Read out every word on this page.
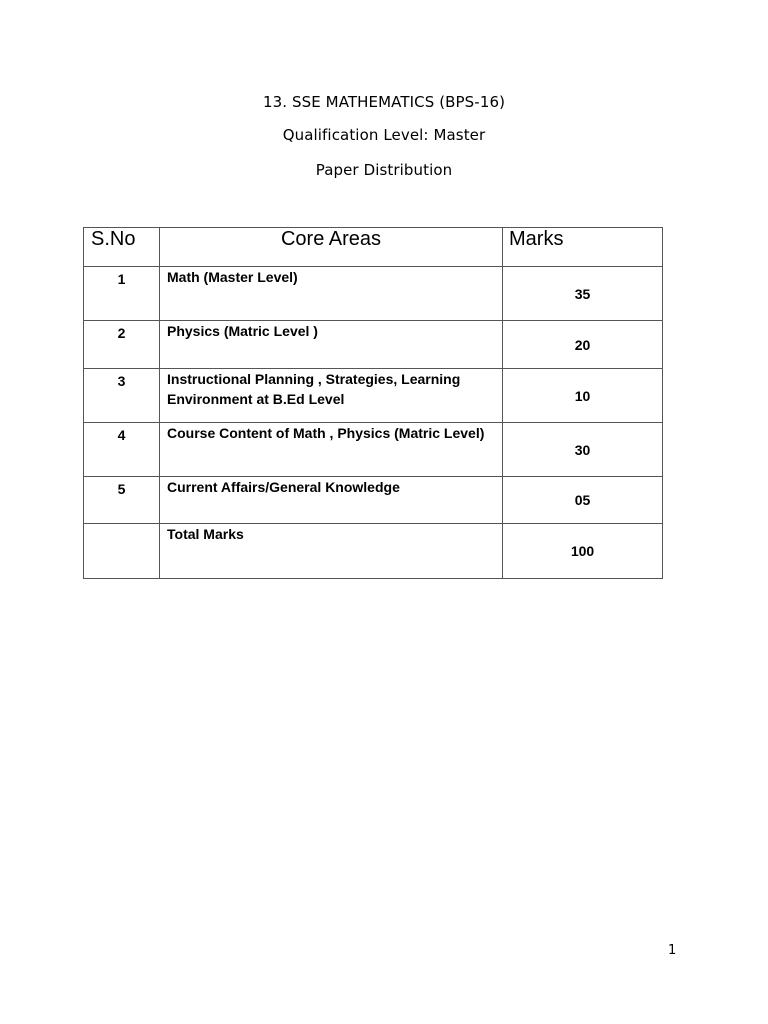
13. SSE MATHEMATICS (BPS-16)
Qualification Level: Master
Paper Distribution
S.No	Core Areas	Marks
1	Math (Master Level)	35
2	Physics (Matric Level )	20
3	Instructional Planning , Strategies, Learning Environment at B.Ed Level	10
4	Course Content of Math , Physics (Matric Level)	30
5	Current Affairs/General Knowledge	05
	Total Marks	100
1
